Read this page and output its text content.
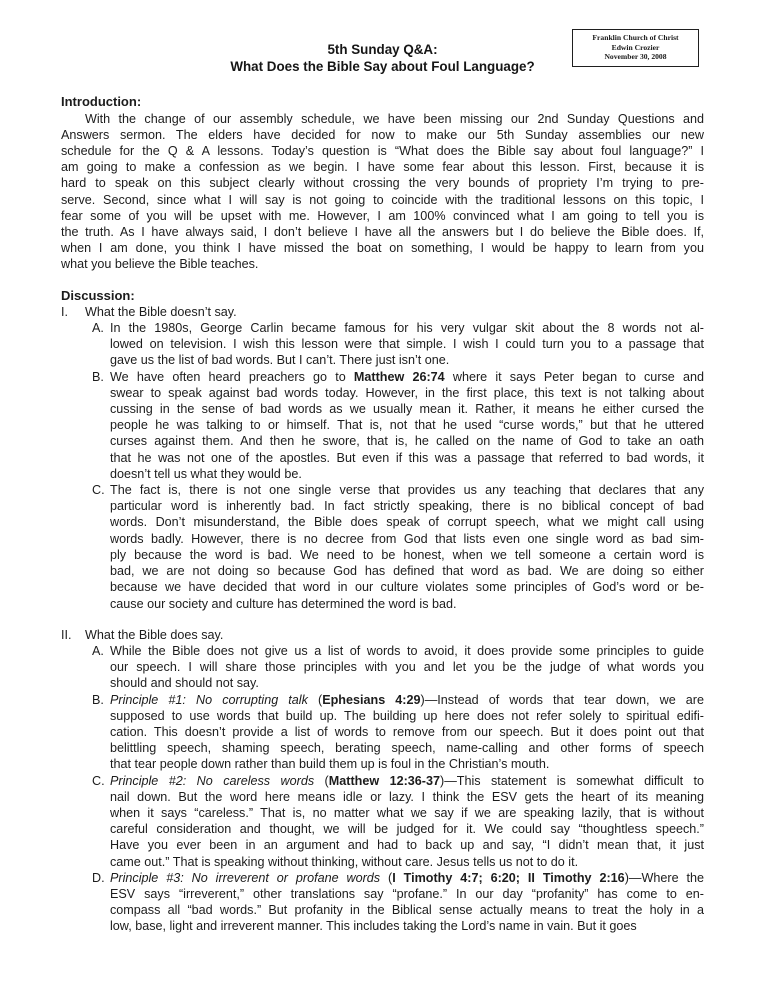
Franklin Church of Christ
Edwin Crozier
November 30, 2008
5th Sunday Q&A:
What Does the Bible Say about Foul Language?
Introduction:
With the change of our assembly schedule, we have been missing our 2nd Sunday Questions and
Answers sermon. The elders have decided for now to make our 5th Sunday assemblies our new
schedule for the Q & A lessons. Today’s question is “What does the Bible say about foul language?” I
am going to make a confession as we begin. I have some fear about this lesson. First, because it is
hard to speak on this subject clearly without crossing the very bounds of propriety I’m trying to pre-
serve. Second, since what I will say is not going to coincide with the traditional lessons on this topic, I
fear some of you will be upset with me. However, I am 100% convinced what I am going to tell you is
the truth. As I have always said, I don’t believe I have all the answers but I do believe the Bible does. If,
when I am done, you think I have missed the boat on something, I would be happy to learn from you
what you believe the Bible teaches.
Discussion:
I. What the Bible doesn’t say.
A. In the 1980s, George Carlin became famous for his very vulgar skit about the 8 words not al-
lowed on television. I wish this lesson were that simple. I wish I could turn you to a passage that
gave us the list of bad words. But I can’t. There just isn’t one.
B. We have often heard preachers go to Matthew 26:74 where it says Peter began to curse and
swear to speak against bad words today. However, in the first place, this text is not talking about
cussing in the sense of bad words as we usually mean it. Rather, it means he either cursed the
people he was talking to or himself. That is, not that he used “curse words,” but that he uttered
curses against them. And then he swore, that is, he called on the name of God to take an oath
that he was not one of the apostles. But even if this was a passage that referred to bad words, it
doesn’t tell us what they would be.
C. The fact is, there is not one single verse that provides us any teaching that declares that any
particular word is inherently bad. In fact strictly speaking, there is no biblical concept of bad
words. Don’t misunderstand, the Bible does speak of corrupt speech, what we might call using
words badly. However, there is no decree from God that lists even one single word as bad sim-
ply because the word is bad. We need to be honest, when we tell someone a certain word is
bad, we are not doing so because God has defined that word as bad. We are doing so either
because we have decided that word in our culture violates some principles of God’s word or be-
cause our society and culture has determined the word is bad.
II. What the Bible does say.
A. While the Bible does not give us a list of words to avoid, it does provide some principles to guide
our speech. I will share those principles with you and let you be the judge of what words you
should and should not say.
B. Principle #1: No corrupting talk (Ephesians 4:29)—Instead of words that tear down, we are
supposed to use words that build up. The building up here does not refer solely to spiritual edifi-
cation. This doesn’t provide a list of words to remove from our speech. But it does point out that
belittling speech, shaming speech, berating speech, name-calling and other forms of speech
that tear people down rather than build them up is foul in the Christian’s mouth.
C. Principle #2: No careless words (Matthew 12:36-37)—This statement is somewhat difficult to
nail down. But the word here means idle or lazy. I think the ESV gets the heart of its meaning
when it says “careless.” That is, no matter what we say if we are speaking lazily, that is without
careful consideration and thought, we will be judged for it. We could say “thoughtless speech.”
Have you ever been in an argument and had to back up and say, “I didn’t mean that, it just
came out.” That is speaking without thinking, without care. Jesus tells us not to do it.
D. Principle #3: No irreverent or profane words (I Timothy 4:7; 6:20; II Timothy 2:16)—Where the
ESV says “irreverent,” other translations say “profane.” In our day “profanity” has come to en-
compass all “bad words.” But profanity in the Biblical sense actually means to treat the holy in a
low, base, light and irreverent manner. This includes taking the Lord’s name in vain. But it goes
